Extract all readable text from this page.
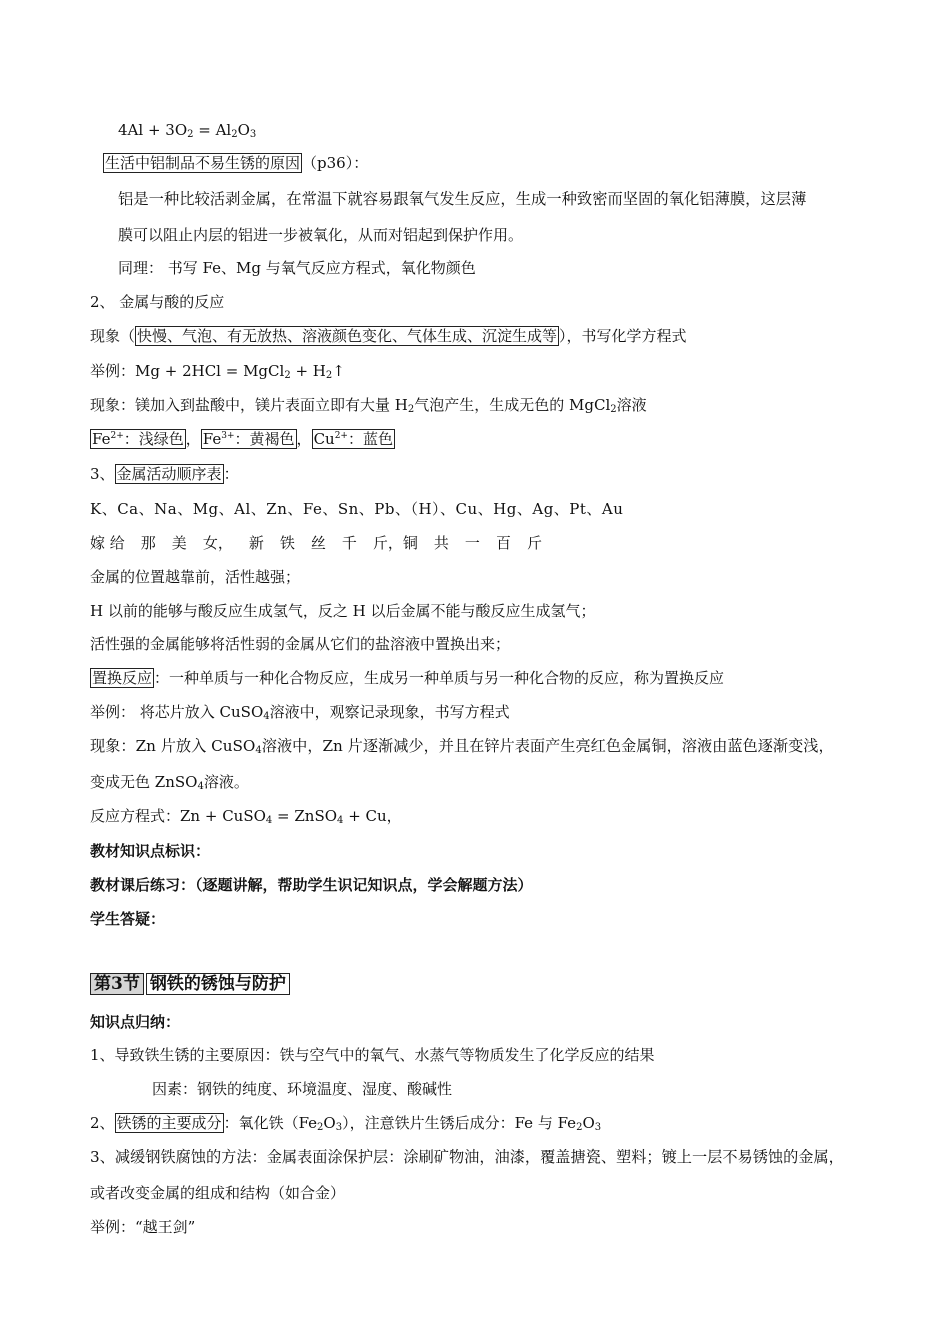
$4Al + 3O_2 = Al_2O_3$
生活中铝制品不易生锈的原因 （p36）：
铝是一种比较活剥金属，在常温下就容易跟氧气发生反应，生成一种致密而坚固的氧化铝薄膜，这层薄
膜可以阻止内层的铝进一步被氧化，从而对铝起到保护作用。
同理： 书写 Fe、Mg 与氧气反应方程式，氧化物颜色
2、 金属与酸的反应
现象（ 快慢、气泡、有无放热、溶液颜色变化、气体生成、沉淀生成等 ），书写化学方程式
举例：Mg + 2HCl = MgCl$_2$ + $H_2↑$
现象：镁加入到盐酸中，镁片表面立即有大量 $H_2$气泡产生，生成无色的 MgCl$_2$溶液
$Fe^{2+}$：浅绿色 ， $Fe^{3+}$：黄褐色 ， $Cu^{2+}$：蓝色
3、 金属活动顺序表 ：
K、Ca、Na、Mg、Al、Zn、Fe、Sn、Pb、（H）、Cu、Hg、Ag、Pt、Au
嫁 给 那 美 女， 新 铁 丝 千 斤，铜 共 一 百 斤
金属的位置越靠前，活性越强；
H 以前的能够与酸反应生成氢气，反之 H 以后金属不能与酸反应生成氢气；
活性强的金属能够将活性弱的金属从它们的盐溶液中置换出来；
置换反应 ：一种单质与一种化合物反应，生成另一种单质与另一种化合物的反应，称为置换反应
举例： 将芯片放入 CuSO$_4$溶液中，观察记录现象，书写方程式
现象：Zn 片放入 CuSO$_4$溶液中，Zn 片逐渐减少，并且在锌片表面产生亮红色金属铜，溶液由蓝色逐渐变浅，
变成无色 ZnSO$_4$溶液。
反应方程式：Zn + CuSO$_4$ = ZnSO$_4$ + Cu，
教材知识点标识：
教材课后练习：（逐题讲解，帮助学生识记知识点，学会解题方法）
学生答疑：
第3节 钢铁的锈蚀与防护
知识点归纳：
1、导致铁生锈的主要原因：铁与空气中的氧气、水蒸气等物质发生了化学反应的结果
因素：钢铁的纯度、环境温度、湿度、酸碱性
2、 铁锈的主要成分 ：氧化铁$(Fe_2O_3)$，注意铁片生锈后成分：Fe 与 $Fe_2O_3$
3、减缓钢铁腐蚀的方法：金属表面涂保护层：涂刷矿物油，油漆，覆盖搪瓷、塑料；镀上一层不易锈蚀的金属，
或者改变金属的组成和结构（如合金）
举例：“越王剑”
